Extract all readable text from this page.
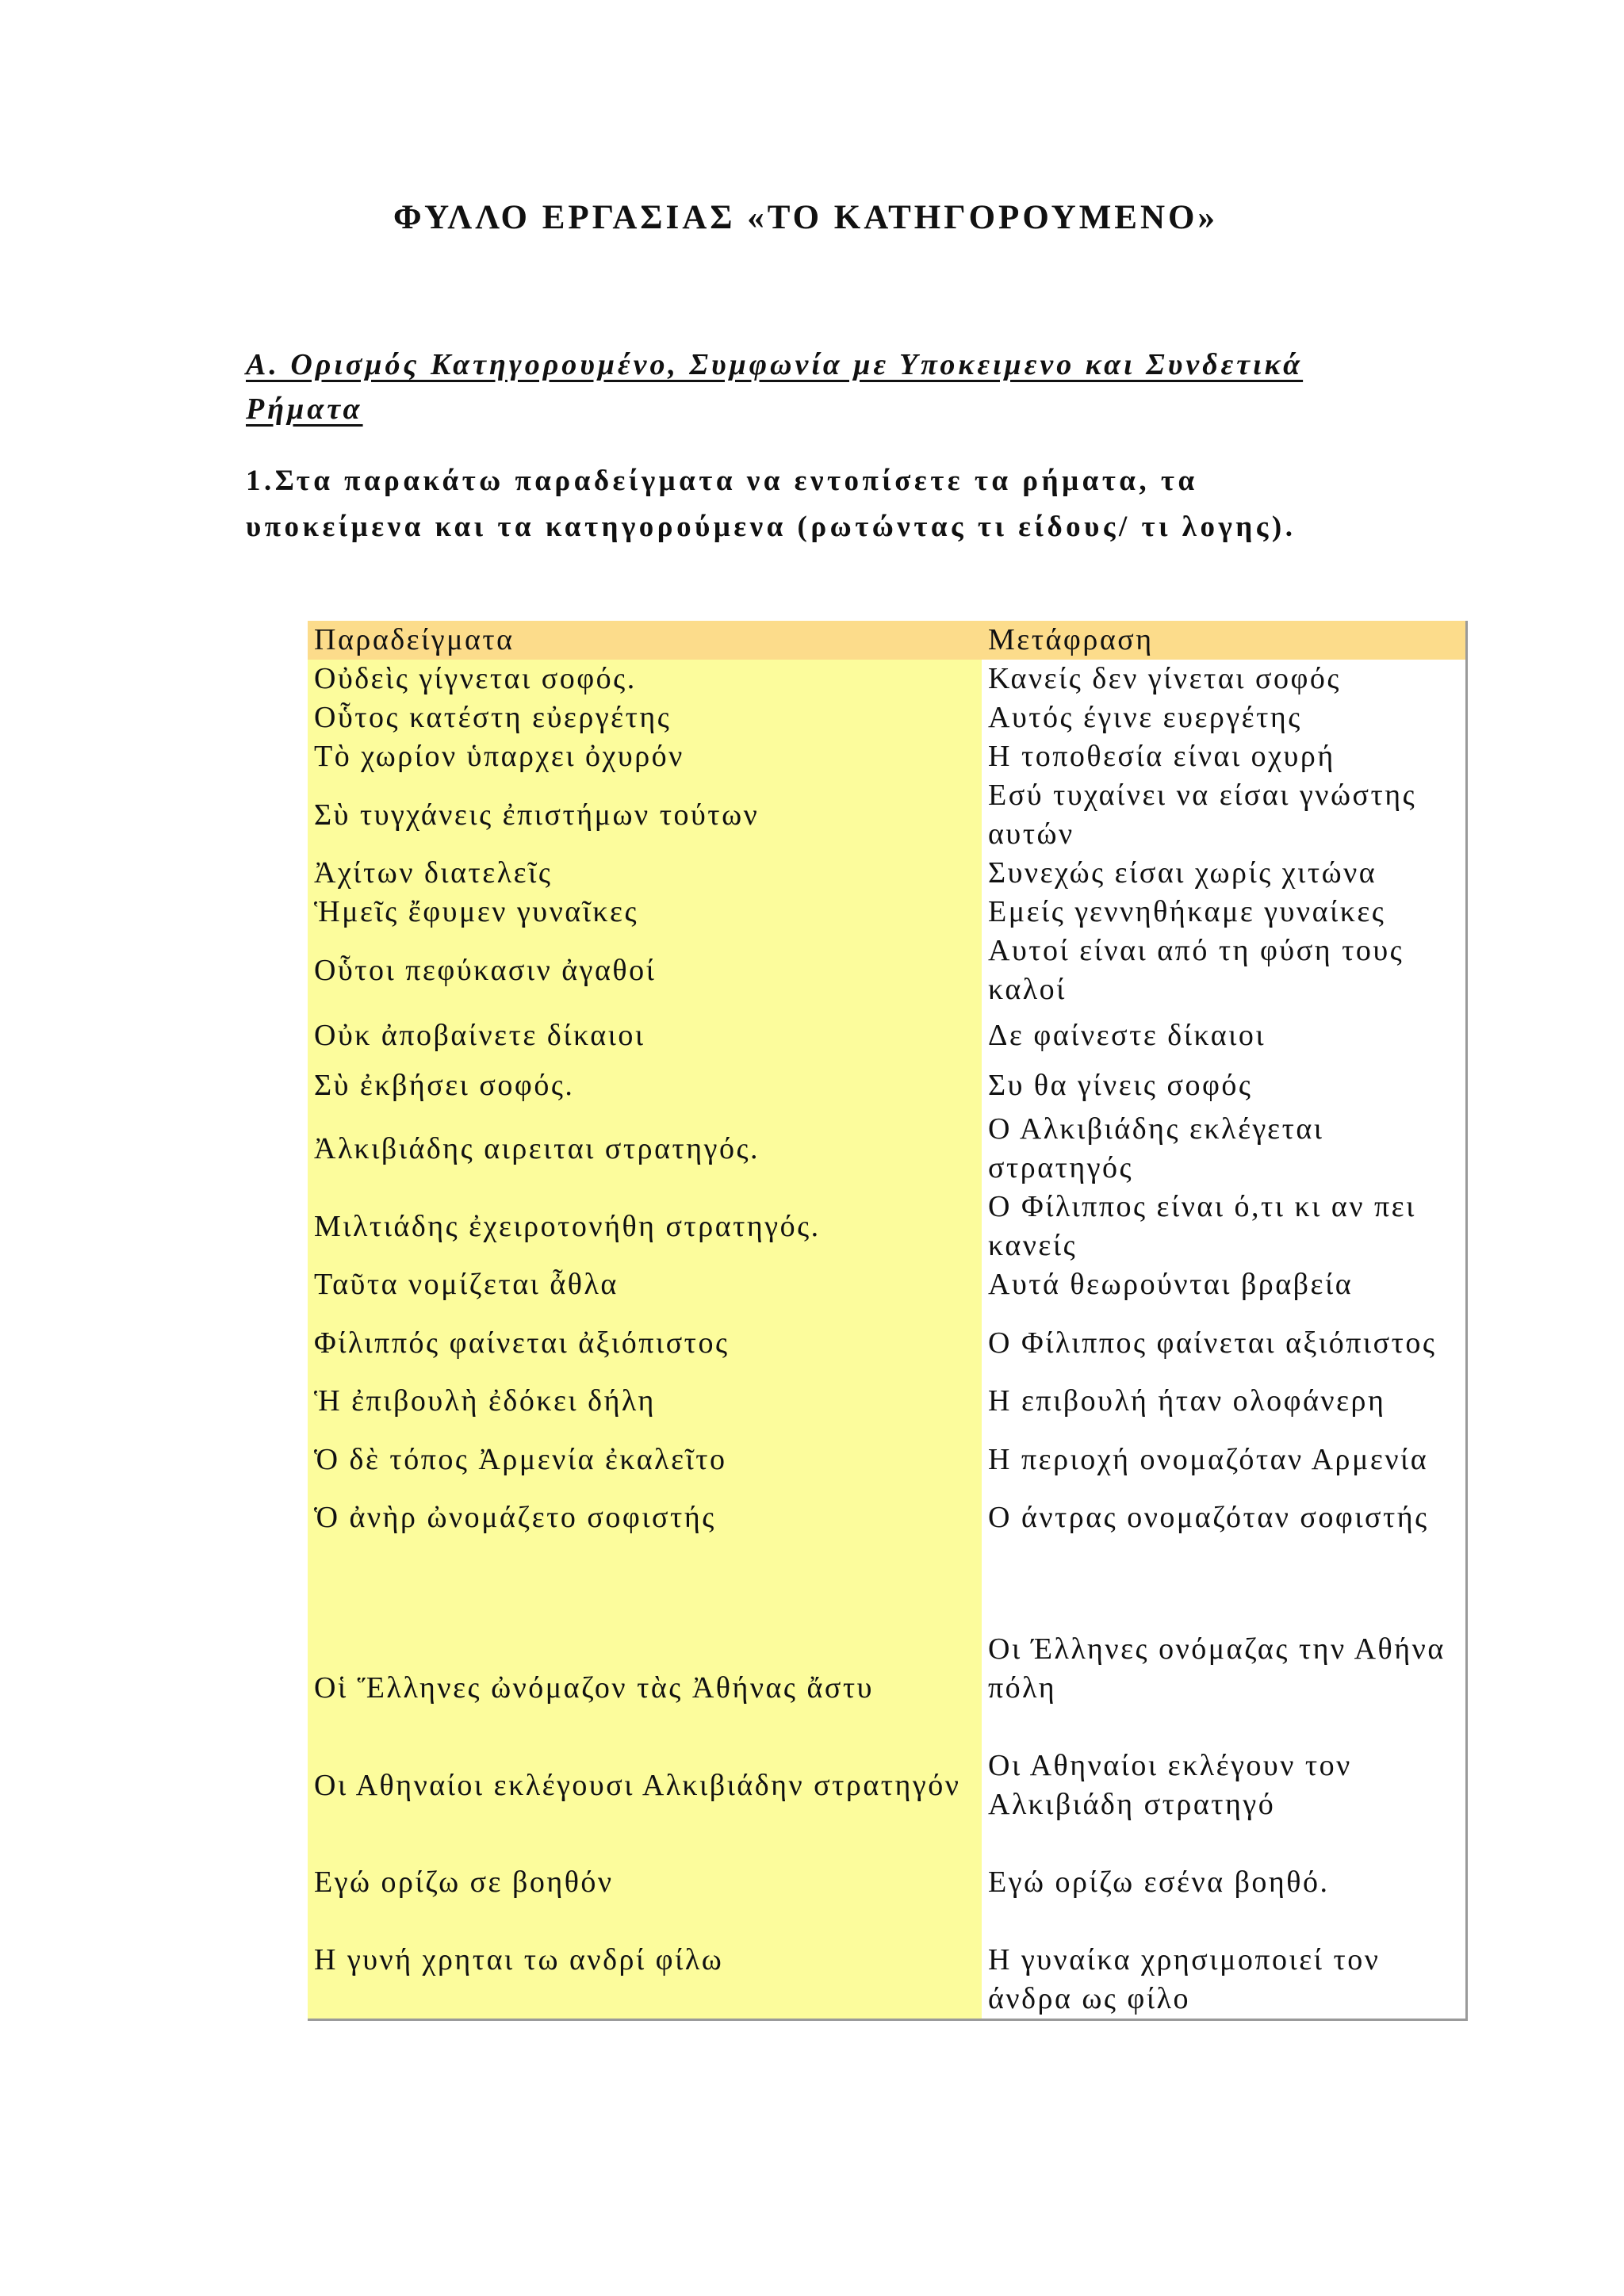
ΦΥΛΛΟ ΕΡΓΑΣΙΑΣ «ΤΟ ΚΑΤΗΓΟΡΟΥΜΕΝΟ»
Α. Ορισμός Κατηγορουμένο, Συμφωνία με Υποκειμενο και Συνδετικά
Ρήματα
1.Στα παρακάτω παραδείγματα να εντοπίσετε τα ρήματα, τα
υποκείμενα και τα κατηγορούμενα (ρωτώντας τι είδους/ τι λογης).
Παραδείγματα	Μετάφραση
Οὐδεὶς γίγνεται σοφός.	Κανείς δεν γίνεται σοφός
Οὗτος κατέστη εὐεργέτης	Αυτός έγινε ευεργέτης
Τὸ χωρίον ὑπαρχει ὀχυρόν	Η τοποθεσία είναι οχυρή
Σὺ τυγχάνεις ἐπιστήμων τούτων	Εσύ τυχαίνει να είσαι γνώστης αυτών
Ἀχίτων διατελεῖς	Συνεχώς είσαι χωρίς χιτώνα
Ἡμεῖς ἔφυμεν γυναῖκες	Εμείς γεννηθήκαμε γυναίκες
Οὗτοι πεφύκασιν ἀγαθοί	Αυτοί είναι από τη φύση τους καλοί
Οὐκ ἀποβαίνετε δίκαιοι	Δε φαίνεστε δίκαιοι
Σὺ ἐκβήσει σοφός.	Συ θα γίνεις σοφός
Ἀλκιβιάδης αιρειται στρατηγός.	Ο Αλκιβιάδης εκλέγεται στρατηγός
Μιλτιάδης ἐχειροτονήθη στρατηγός.	Ο Φίλιππος είναι ό,τι κι αν πει κανείς
Ταῦτα νομίζεται ἆθλα	Αυτά θεωρούνται βραβεία
Φίλιππός φαίνεται ἀξιόπιστος	Ο Φίλιππος φαίνεται αξιόπιστος
Ἡ ἐπιβουλὴ ἐδόκει δήλη	Η επιβουλή ήταν ολοφάνερη
Ὁ δὲ τόπος Ἀρμενία ἐκαλεῖτο	Η περιοχή ονομαζόταν Αρμενία
Ὁ ἀνὴρ ὠνομάζετο σοφιστής	Ο άντρας ονομαζόταν σοφιστής

Οἱ Ἕλληνες ὠνόμαζον τὰς Ἀθήνας ἄστυ	Οι Έλληνες ονόμαζας την Αθήνα πόλη

Οι Αθηναίοι εκλέγουσι Αλκιβιάδην στρατηγόν	Οι Αθηναίοι εκλέγουν τον Αλκιβιάδη στρατηγό

Εγώ ορίζω σε βοηθόν	Εγώ ορίζω εσένα βοηθό.

Η γυνή χρηται τω ανδρί φίλω	Η γυναίκα χρησιμοποιεί τον άνδρα ως φίλο
